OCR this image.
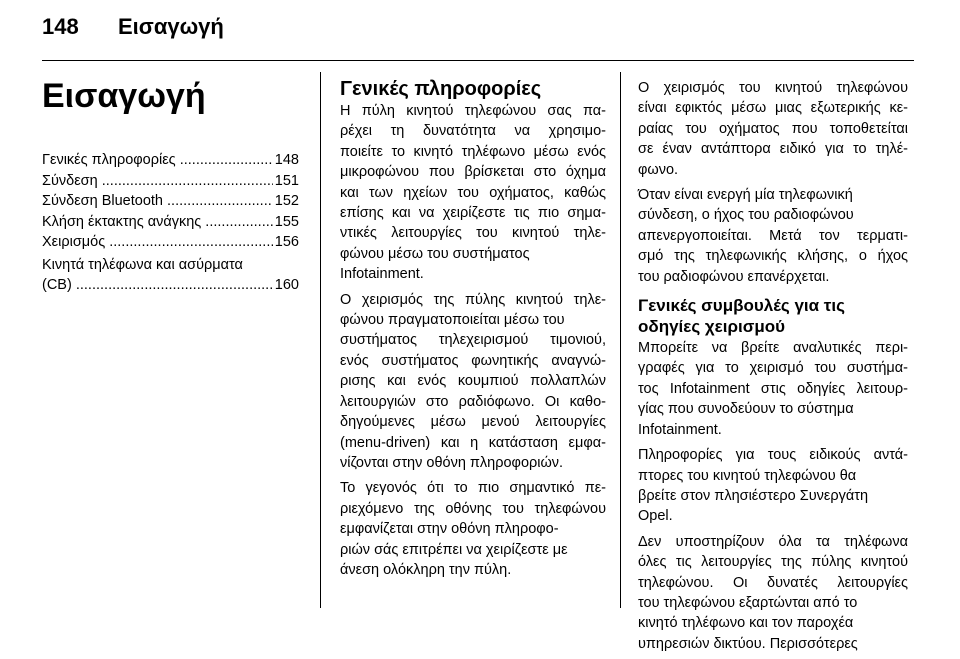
148 Εισαγωγή
Εισαγωγή
Γενικές πληροφορίες .....	148
Σύνδεση .....	151
Σύνδεση Bluetooth .....	152
Κλήση έκτακτης ανάγκης .....	155
Χειρισμός .....	156
Κινητά τηλέφωνα και ασύρματα
(CB) .....	160
Γενικές πληροφορίες

Η πύλη κινητού τηλεφώνου σας πα-
ρέχει τη δυνατότητα να χρησιμο-
ποιείτε το κινητό τηλέφωνο μέσω ενός
μικροφώνου που βρίσκεται στο όχημα
και των ηχείων του οχήματος, καθώς
επίσης και να χειρίζεστε τις πιο σημα-
ντικές λειτουργίες του κινητού τηλε-
φώνου μέσω του συστήματος
Infotainment.

Ο χειρισμός της πύλης κινητού τηλε-
φώνου πραγματοποιείται μέσω του
συστήματος τηλεχειρισμού τιμονιού,
ενός συστήματος φωνητικής αναγνώ-
ρισης και ενός κουμπιού πολλαπλών
λειτουργιών στο ραδιόφωνο. Οι καθο-
δηγούμενες μέσω μενού λειτουργίες
(menu-driven) και η κατάσταση εμφα-
νίζονται στην οθόνη πληροφοριών.

Το γεγονός ότι το πιο σημαντικό πε-
ριεχόμενο της οθόνης του τηλεφώνου
εμφανίζεται στην οθόνη πληροφο-
ριών σάς επιτρέπει να χειρίζεστε με
άνεση ολόκληρη την πύλη.

Ο χειρισμός του κινητού τηλεφώνου
είναι εφικτός μέσω μιας εξωτερικής κε-
ραίας του οχήματος που τοποθετείται
σε έναν αντάπτορα ειδικό για το τηλέ-
φωνο.

Όταν είναι ενεργή μία τηλεφωνική
σύνδεση, ο ήχος του ραδιοφώνου
απενεργοποιείται. Μετά τον τερματι-
σμό της τηλεφωνικής κλήσης, ο ήχος
του ραδιοφώνου επανέρχεται.

Γενικές συμβουλές για τις
οδηγίες χειρισμού

Μπορείτε να βρείτε αναλυτικές περι-
γραφές για το χειρισμό του συστήμα-
τος Infotainment στις οδηγίες λειτουρ-
γίας που συνοδεύουν το σύστημα
Infotainment.

Πληροφορίες για τους ειδικούς αντά-
πτορες του κινητού τηλεφώνου θα
βρείτε στον πλησιέστερο Συνεργάτη
Opel.

Δεν υποστηρίζουν όλα τα τηλέφωνα
όλες τις λειτουργίες της πύλης κινητού
τηλεφώνου. Οι δυνατές λειτουργίες
του τηλεφώνου εξαρτώνται από το
κινητό τηλέφωνο και τον παροχέα
υπηρεσιών δικτύου. Περισσότερες
